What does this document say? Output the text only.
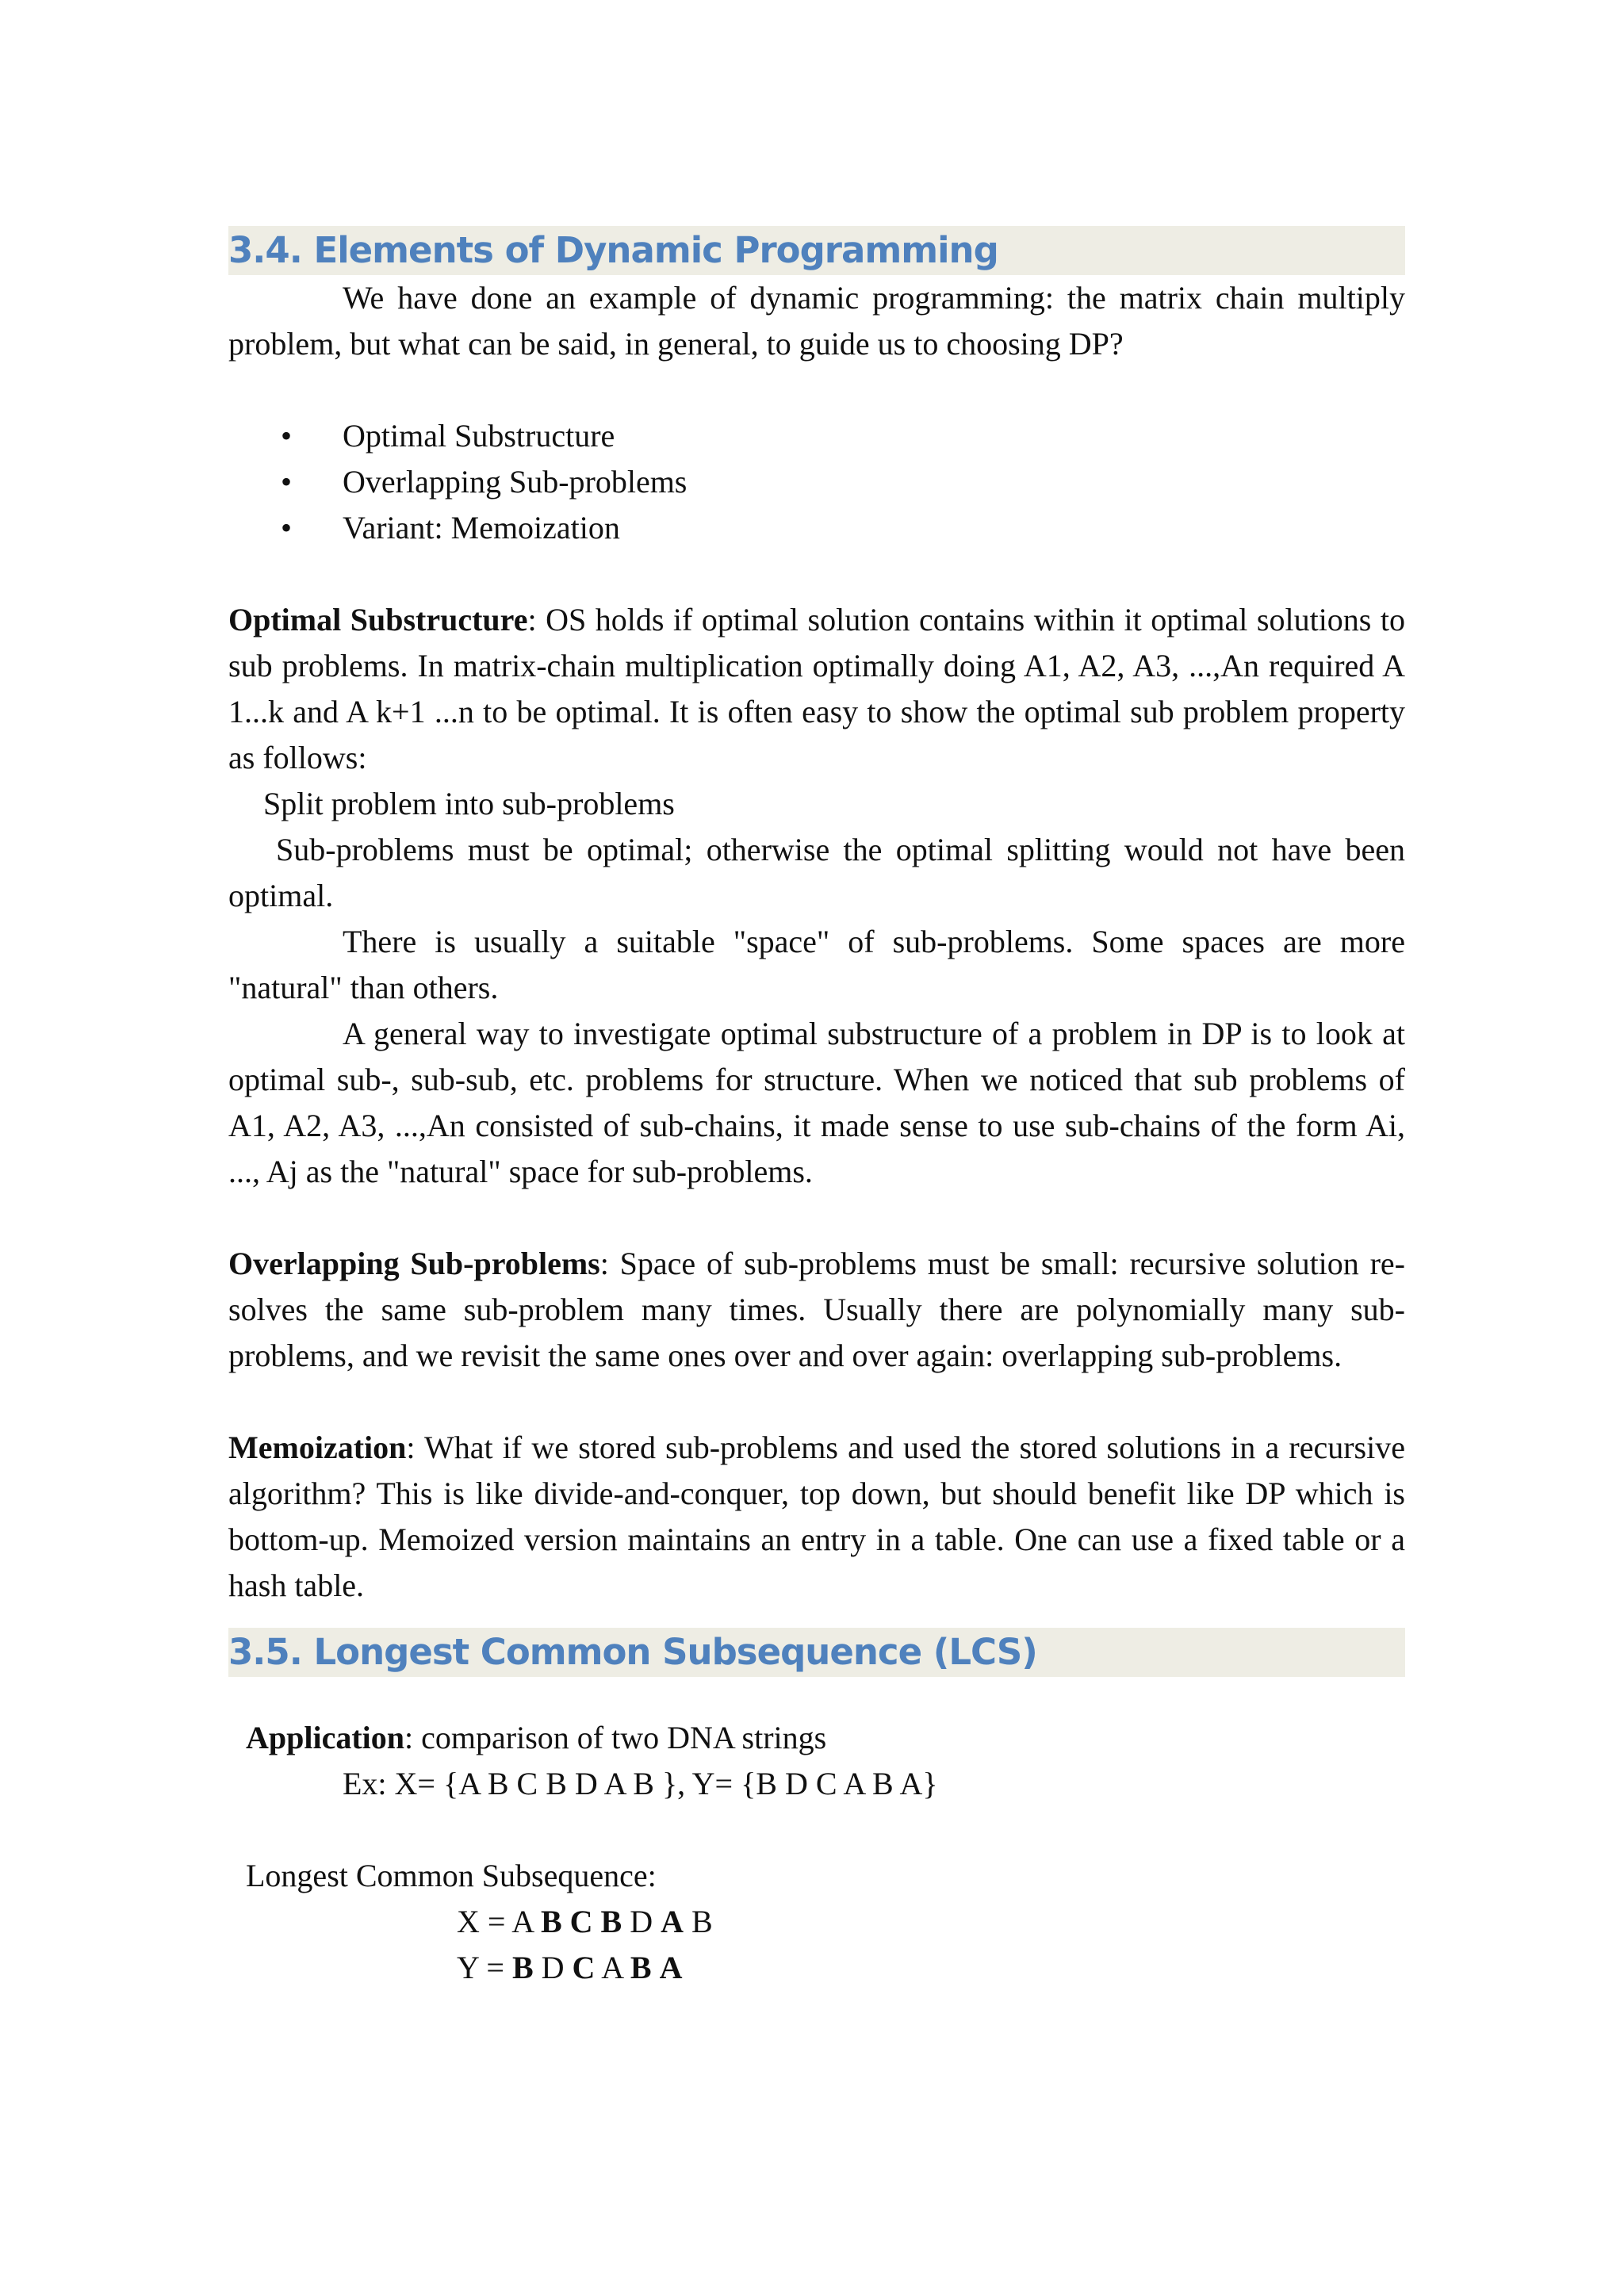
3.4. Elements of Dynamic Programming

We have done an example of dynamic programming: the matrix chain multiply problem, but what can be said, in general, to guide us to choosing DP?

• Optimal Substructure
• Overlapping Sub-problems
• Variant: Memoization

Optimal Substructure: OS holds if optimal solution contains within it optimal solutions to sub problems. In matrix-chain multiplication optimally doing A1, A2, A3, ...,An required A 1...k and A k+1 ...n to be optimal. It is often easy to show the optimal sub problem property as follows:

Split problem into sub-problems

Sub-problems must be optimal; otherwise the optimal splitting would not have been optimal.

There is usually a suitable "space" of sub-problems. Some spaces are more "natural" than others.

A general way to investigate optimal substructure of a problem in DP is to look at optimal sub-, sub-sub, etc. problems for structure. When we noticed that sub problems of A1, A2, A3, ...,An consisted of sub-chains, it made sense to use sub-chains of the form Ai, ..., Aj as the "natural" space for sub-problems.

Overlapping Sub-problems: Space of sub-problems must be small: recursive solution re-solves the same sub-problem many times. Usually there are polynomially many sub-problems, and we revisit the same ones over and over again: overlapping sub-problems.

Memoization: What if we stored sub-problems and used the stored solutions in a recursive algorithm? This is like divide-and-conquer, top down, but should benefit like DP which is bottom-up. Memoized version maintains an entry in a table. One can use a fixed table or a hash table.

3.5. Longest Common Subsequence (LCS)

Application: comparison of two DNA strings

Ex: X= {A B C B D A B }, Y= {B D C A B A}

Longest Common Subsequence:

X = A B C B D A B

Y = B D C A B A
